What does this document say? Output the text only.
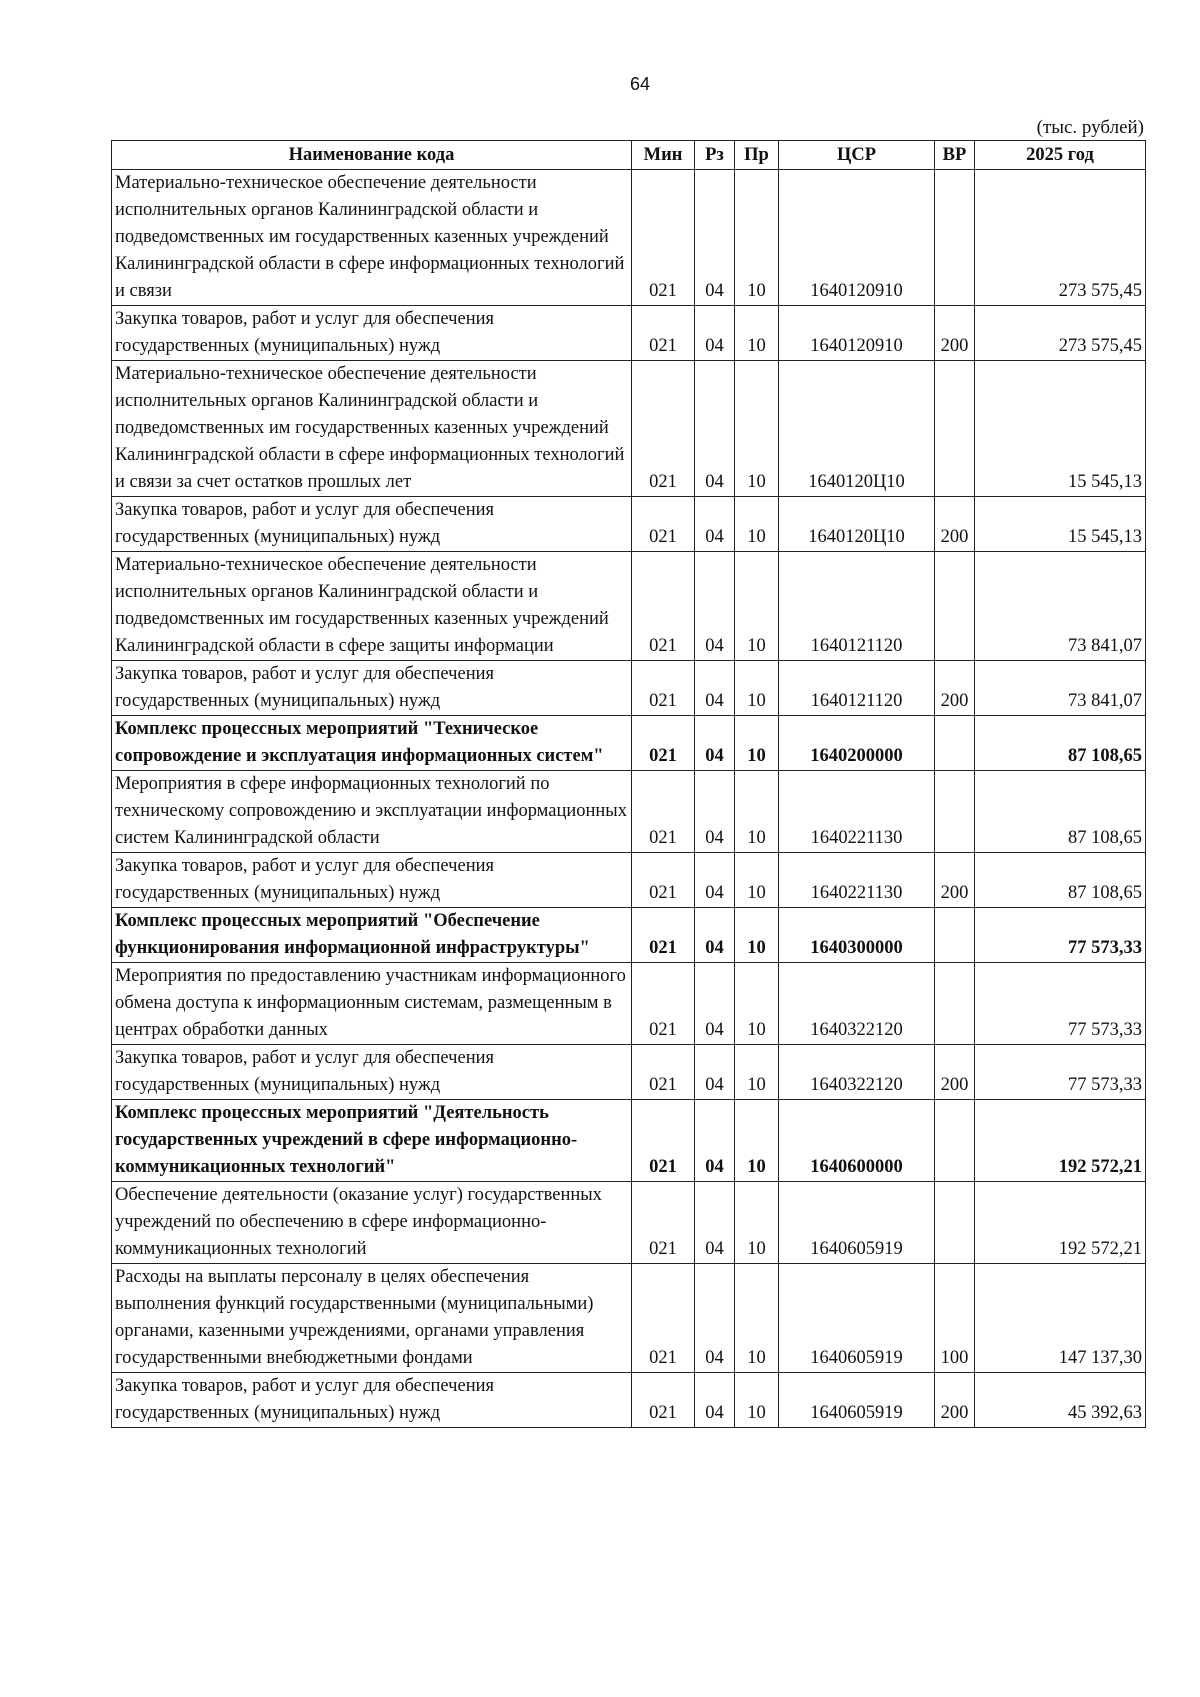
64
(тыс. рублей)
Наименование кода	Мин	Рз	Пр	ЦСР	ВР	2025 год
Материально-техническое обеспечение деятельности исполнительных органов Калининградской области и подведомственных им государственных казенных учреждений Калининградской области в сфере информационных технологий и связи	021	04	10	1640120910		273 575,45
Закупка товаров, работ и услуг для обеспечения государственных (муниципальных) нужд	021	04	10	1640120910	200	273 575,45
Материально-техническое обеспечение деятельности исполнительных органов Калининградской области и подведомственных им государственных казенных учреждений Калининградской области в сфере информационных технологий и связи за счет остатков прошлых лет	021	04	10	1640120Ц10		15 545,13
Закупка товаров, работ и услуг для обеспечения государственных (муниципальных) нужд	021	04	10	1640120Ц10	200	15 545,13
Материально-техническое обеспечение деятельности исполнительных органов Калининградской области и подведомственных им государственных казенных учреждений Калининградской области в сфере защиты информации	021	04	10	1640121120		73 841,07
Закупка товаров, работ и услуг для обеспечения государственных (муниципальных) нужд	021	04	10	1640121120	200	73 841,07
Комплекс процессных мероприятий "Техническое сопровождение и эксплуатация информационных систем"	021	04	10	1640200000		87 108,65
Мероприятия в сфере информационных технологий по техническому сопровождению и эксплуатации информационных систем Калининградской области	021	04	10	1640221130		87 108,65
Закупка товаров, работ и услуг для обеспечения государственных (муниципальных) нужд	021	04	10	1640221130	200	87 108,65
Комплекс процессных мероприятий "Обеспечение функционирования информационной инфраструктуры"	021	04	10	1640300000		77 573,33
Мероприятия по предоставлению участникам информационного обмена доступа к информационным системам, размещенным в центрах обработки данных	021	04	10	1640322120		77 573,33
Закупка товаров, работ и услуг для обеспечения государственных (муниципальных) нужд	021	04	10	1640322120	200	77 573,33
Комплекс процессных мероприятий "Деятельность государственных учреждений в сфере информационно-коммуникационных технологий"	021	04	10	1640600000		192 572,21
Обеспечение деятельности (оказание услуг) государственных учреждений по обеспечению в сфере информационно-коммуникационных технологий	021	04	10	1640605919		192 572,21
Расходы на выплаты персоналу в целях обеспечения выполнения функций государственными (муниципальными) органами, казенными учреждениями, органами управления государственными внебюджетными фондами	021	04	10	1640605919	100	147 137,30
Закупка товаров, работ и услуг для обеспечения государственных (муниципальных) нужд	021	04	10	1640605919	200	45 392,63
